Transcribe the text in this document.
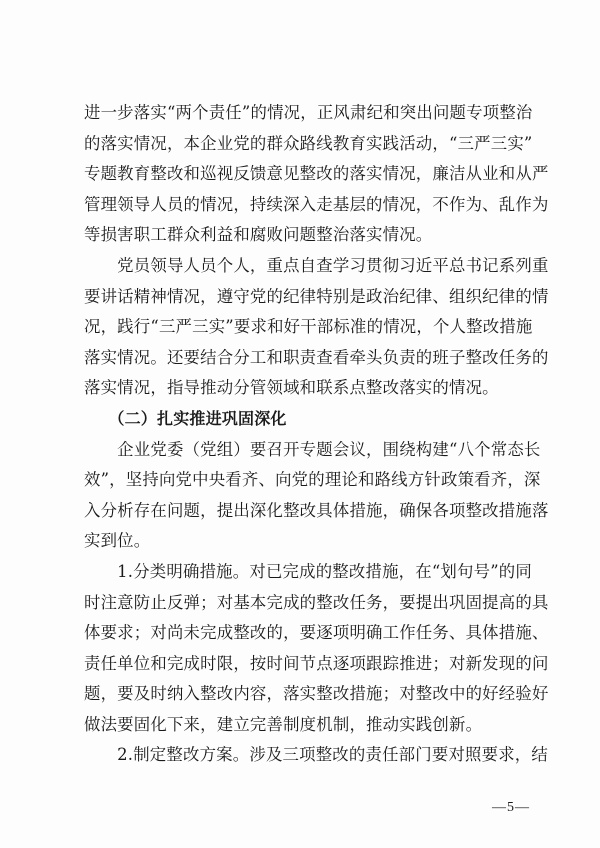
进一步落实“两个责任”的情况，正风肃纪和突出问题专项整治
的落实情况，本企业党的群众路线教育实践活动，“三严三实”
专题教育整改和巡视反馈意见整改的落实情况，廉洁从业和从严
管理领导人员的情况，持续深入走基层的情况，不作为、乱作为
等损害职工群众利益和腐败问题整治落实情况。
　　党员领导人员个人，重点自查学习贯彻习近平总书记系列重
要讲话精神情况，遵守党的纪律特别是政治纪律、组织纪律的情
况，践行“三严三实”要求和好干部标准的情况，个人整改措施
落实情况。还要结合分工和职责查看牵头负责的班子整改任务的
落实情况，指导推动分管领域和联系点整改落实的情况。
　　（二）扎实推进巩固深化
　　企业党委（党组）要召开专题会议，围绕构建“八个常态长
效”，坚持向党中央看齐、向党的理论和路线方针政策看齐，深
入分析存在问题，提出深化整改具体措施，确保各项整改措施落
实到位。
　　1.分类明确措施。对已完成的整改措施，在“划句号”的同
时注意防止反弹；对基本完成的整改任务，要提出巩固提高的具
体要求；对尚未完成整改的，要逐项明确工作任务、具体措施、
责任单位和完成时限，按时间节点逐项跟踪推进；对新发现的问
题，要及时纳入整改内容，落实整改措施；对整改中的好经验好
做法要固化下来，建立完善制度机制，推动实践创新。
　　2.制定整改方案。涉及三项整改的责任部门要对照要求，结
—5—
